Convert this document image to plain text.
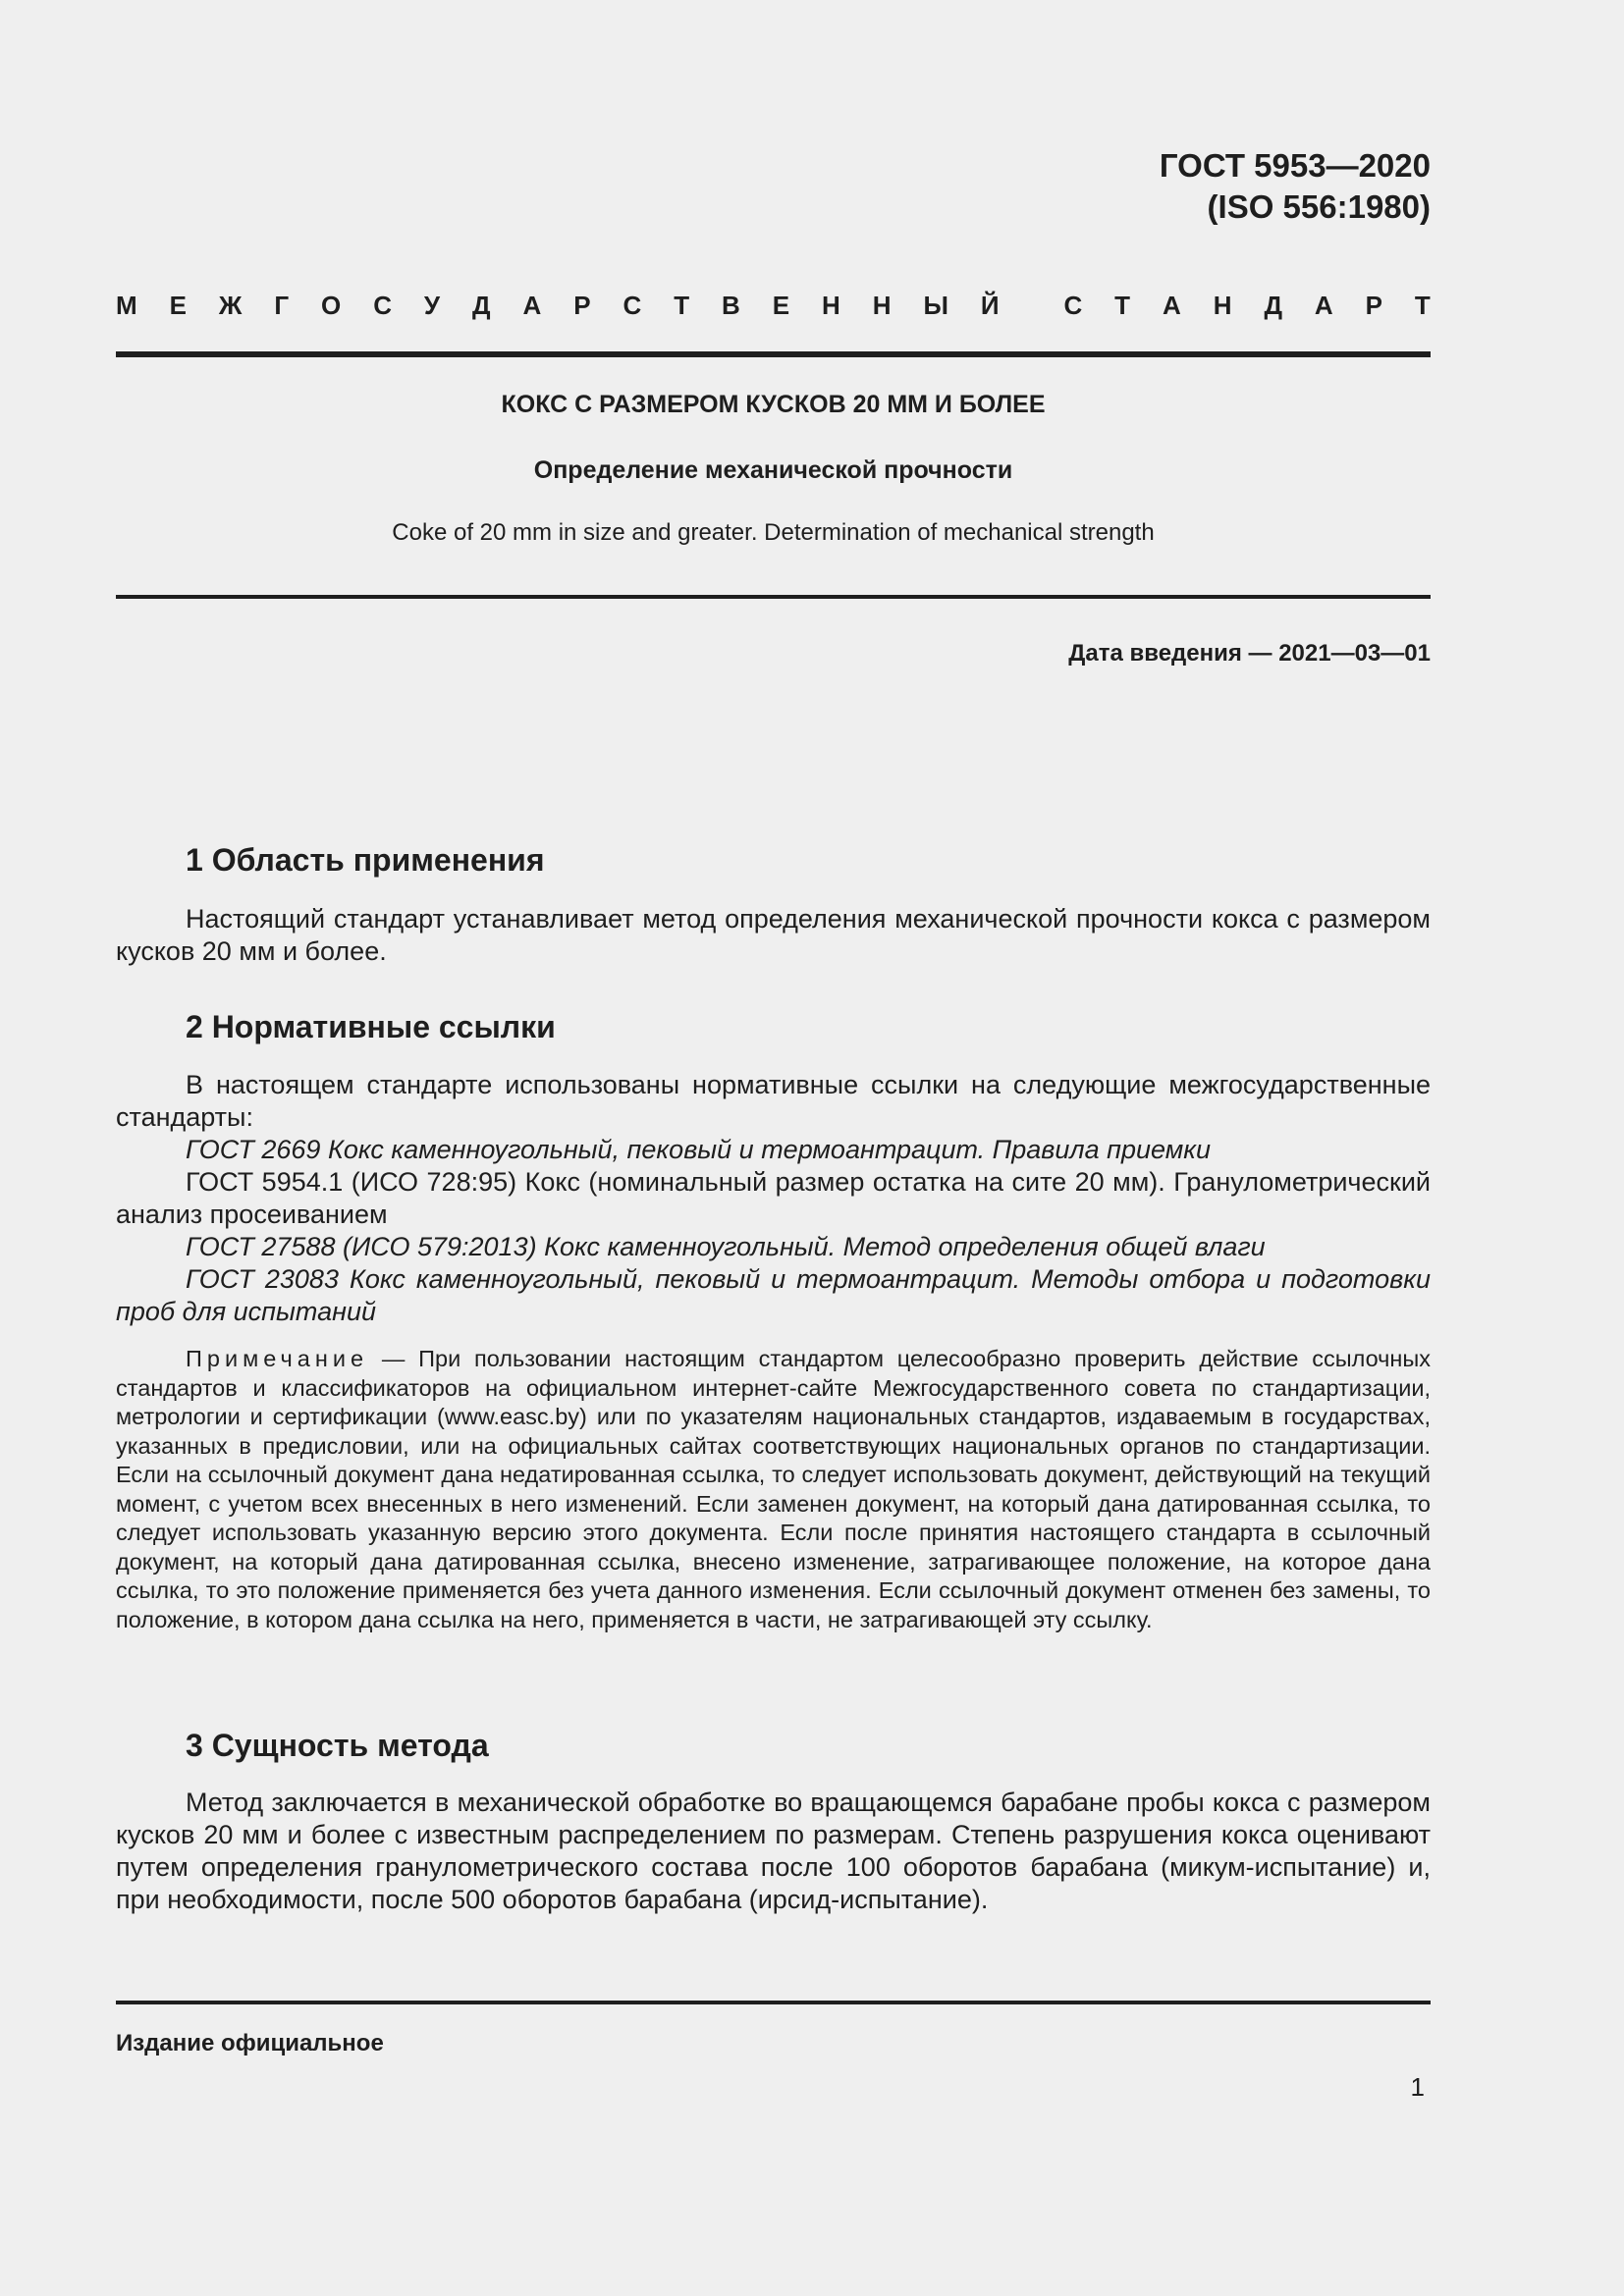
ГОСТ 5953—2020
(ISO 556:1980)
М Е Ж Г О С У Д А Р С Т В Е Н Н Ы Й	С Т А Н Д А Р Т
КОКС С РАЗМЕРОМ КУСКОВ 20 ММ И БОЛЕЕ
Определение механической прочности
Coke of 20 mm in size and greater. Determination of mechanical strength
Дата введения — 2021—03—01
1 Область применения

Настоящий стандарт устанавливает метод определения механической прочности кокса с размером кусков 20 мм и более.

2 Нормативные ссылки

В настоящем стандарте использованы нормативные ссылки на следующие межгосударственные стандарты:

ГОСТ 2669 Кокс каменноугольный, пековый и термоантрацит. Правила приемки

ГОСТ 5954.1 (ИСО 728:95) Кокс (номинальный размер остатка на сите 20 мм). Гранулометрический анализ просеиванием

ГОСТ 27588 (ИСО 579:2013) Кокс каменноугольный. Метод определения общей влаги

ГОСТ 23083 Кокс каменноугольный, пековый и термоантрацит. Методы отбора и подготовки проб для испытаний

Примечание — При пользовании настоящим стандартом целесообразно проверить действие ссылочных стандартов и классификаторов на официальном интернет-сайте Межгосударственного совета по стандартизации, метрологии и сертификации (www.easc.by) или по указателям национальных стандартов, издаваемым в государствах, указанных в предисловии, или на официальных сайтах соответствующих национальных органов по стандартизации. Если на ссылочный документ дана недатированная ссылка, то следует использовать документ, действующий на текущий момент, с учетом всех внесенных в него изменений. Если заменен документ, на который дана датированная ссылка, то следует использовать указанную версию этого документа. Если после принятия настоящего стандарта в ссылочный документ, на который дана датированная ссылка, внесено изменение, затрагивающее положение, на которое дана ссылка, то это положение применяется без учета данного изменения. Если ссылочный документ отменен без замены, то положение, в котором дана ссылка на него, применяется в части, не затрагивающей эту ссылку.
3 Сущность метода

Метод заключается в механической обработке во вращающемся барабане пробы кокса с размером кусков 20 мм и более с известным распределением по размерам. Степень разрушения кокса оценивают путем определения гранулометрического состава после 100 оборотов барабана (микум-испытание) и, при необходимости, после 500 оборотов барабана (ирсид-испытание).

Издание официальное
1
